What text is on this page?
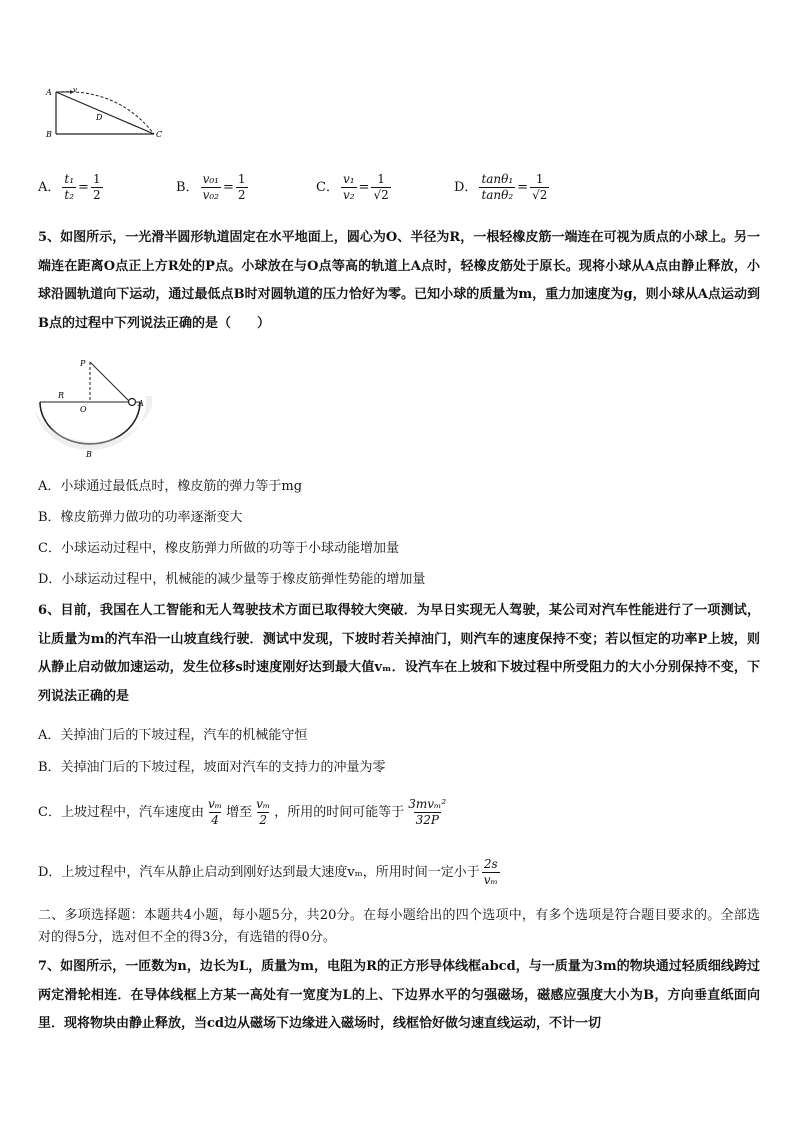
A
B	C
D
v
A． $\frac{\text{t₁}}{\text{t₂}} = \frac{1}{2}$	B． $\frac{\text{v₀₁}}{\text{v₀₂}} = \frac{1}{2}$	C． $\frac{\text{v₁}}{\text{v₂}} = \frac{1}{√2}$	D． $\frac{\text{tanθ₁}}{\text{tanθ₂}} = \frac{1}{√2}$
5、如图所示，一光滑半圆形轨道固定在水平地面上，圆心为O、半径为R，一根轻橡皮筋一端连在可视为质点的小球上。另一端连在距离O点正上方R处的P点。小球放在与O点等高的轨道上A点时，轻橡皮筋处于原长。现将小球从A点由静止释放，小球沿圆轨道向下运动，通过最低点B时对圆轨道的压力恰好为零。已知小球的质量为m，重力加速度为g，则小球从A点运动到B点的过程中下列说法正确的是（　　）
P
R
O
A
B
A．小球通过最低点时，橡皮筋的弹力等于mg
B．橡皮筋弹力做功的功率逐渐变大
C．小球运动过程中，橡皮筋弹力所做的功等于小球动能增加量
D．小球运动过程中，机械能的减少量等于橡皮筋弹性势能的增加量
6、目前，我国在人工智能和无人驾驶技术方面已取得较大突破．为早日实现无人驾驶，某公司对汽车性能进行了一项测试，让质量为m的汽车沿一山坡直线行驶．测试中发现，下坡时若关掉油门，则汽车的速度保持不变；若以恒定的功率P上坡，则从静止启动做加速运动，发生位移s时速度刚好达到最大值vₘ．设汽车在上坡和下坡过程中所受阻力的大小分别保持不变，下列说法正确的是
A．关掉油门后的下坡过程，汽车的机械能守恒
B．关掉油门后的下坡过程，坡面对汽车的支持力的冲量为零
C．上坡过程中，汽车速度由 $\frac{\text{vₘ}}{4}$ 增至 $\frac{\text{vₘ}}{2}$ ，所用的时间可能等于 $\frac{\text{3mvₘ²}}{32P}$
D．上坡过程中，汽车从静止启动到刚好达到最大速度vₘ，所用时间一定小于 $\frac{2s}{\text{vₘ}}$
二、多项选择题：本题共4小题，每小题5分，共20分。在每小题给出的四个选项中，有多个选项是符合题目要求的。全部选对的得5分，选对但不全的得3分，有选错的得0分。
7、如图所示，一匝数为n，边长为L，质量为m，电阻为R的正方形导体线框abcd，与一质量为3m的物块通过轻质细线跨过两定滑轮相连．在导体线框上方某一高处有一宽度为L的上、下边界水平的匀强磁场，磁感应强度大小为B，方向垂直纸面向里．现将物块由静止释放，当cd边从磁场下边缘进入磁场时，线框恰好做匀速直线运动，不计一切
